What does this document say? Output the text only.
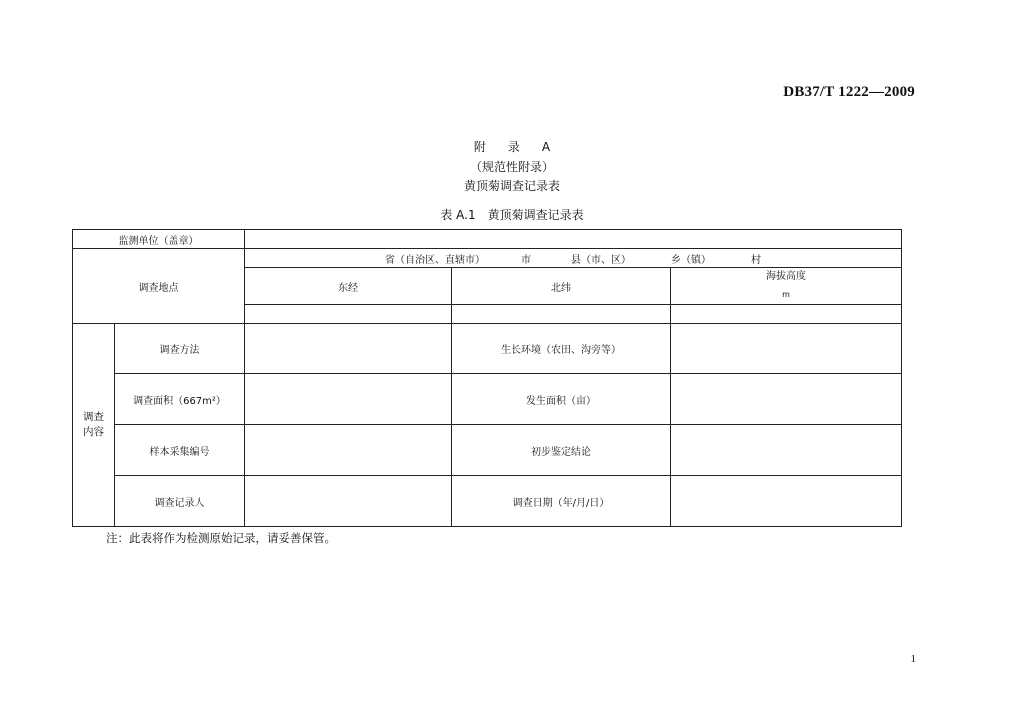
DB37/T 1222—2009
附 录 A
（规范性附录）
黄顶菊调查记录表
表 A.1　黄顶菊调查记录表
监测单位（盖章）				
调查地点		省（自治区、直辖市） 市 县（市、区） 乡（镇） 村		
		东经	北纬	海拔高度
m

调查
内容	调查方法		生长环境（农田、沟旁等）	
	调查面积（667m²）		发生面积（亩）	
	样本采集编号		初步鉴定结论	
	调查记录人		调查日期（年/月/日）	
注：此表将作为检测原始记录，请妥善保管。
1
